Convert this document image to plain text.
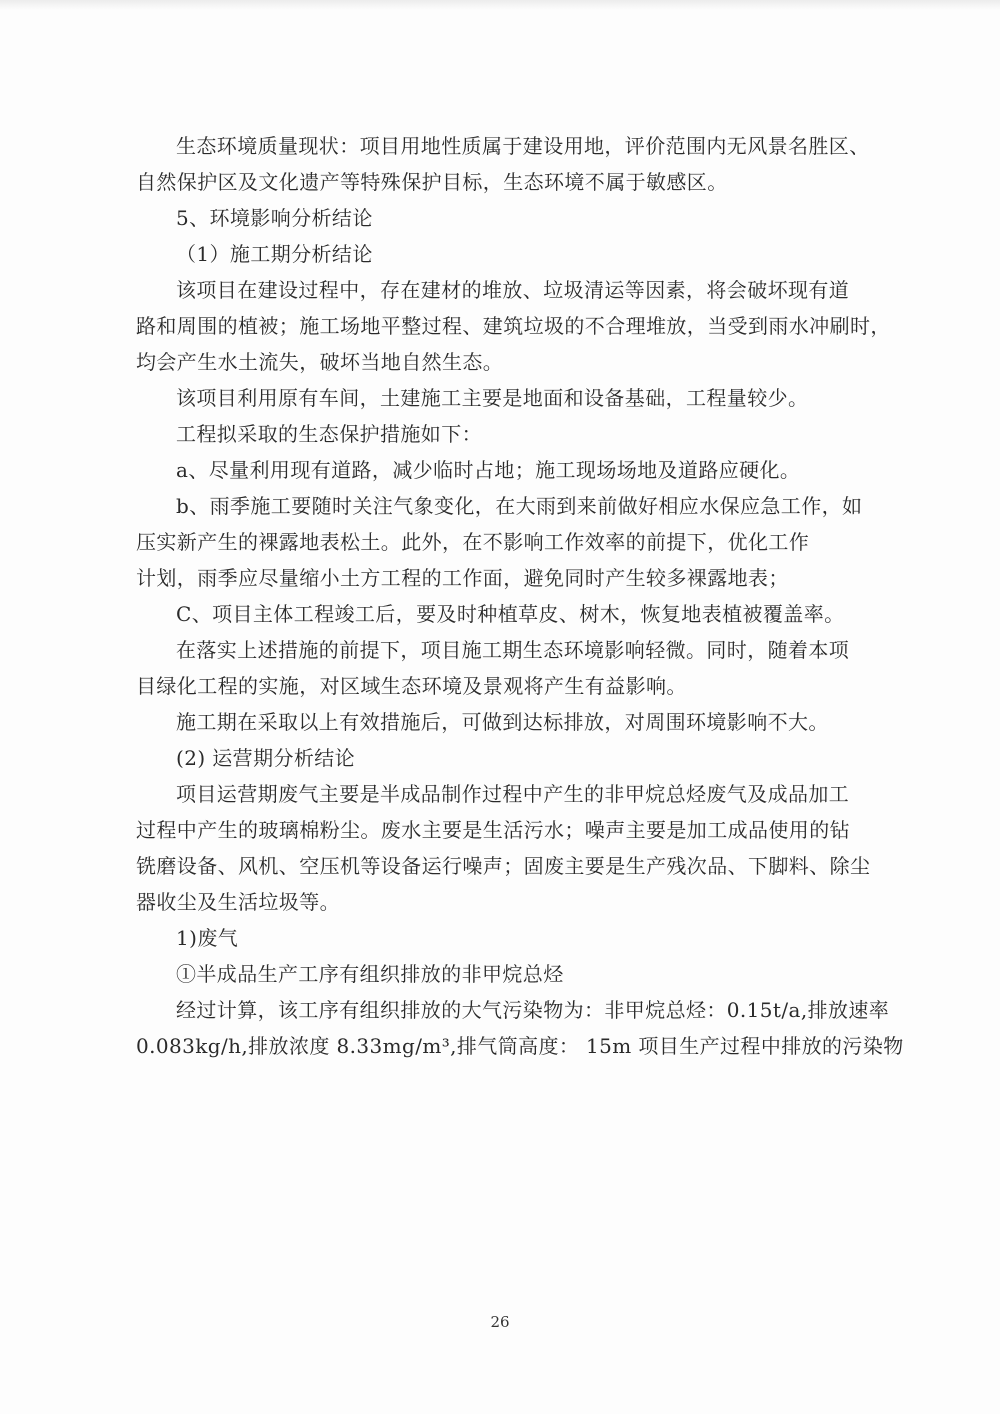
生态环境质量现状：项目用地性质属于建设用地，评价范围内无风景名胜区、

自然保护区及文化遗产等特殊保护目标，生态环境不属于敏感区。

5、环境影响分析结论

（1）施工期分析结论

该项目在建设过程中，存在建材的堆放、垃圾清运等因素，将会破坏现有道

路和周围的植被；施工场地平整过程、建筑垃圾的不合理堆放，当受到雨水冲刷时，

均会产生水土流失，破坏当地自然生态。

该项目利用原有车间，土建施工主要是地面和设备基础，工程量较少。

工程拟采取的生态保护措施如下：

a、尽量利用现有道路，减少临时占地；施工现场场地及道路应硬化。

b、雨季施工要随时关注气象变化，在大雨到来前做好相应水保应急工作，如

压实新产生的裸露地表松土。此外，在不影响工作效率的前提下，优化工作

计划，雨季应尽量缩小土方工程的工作面，避免同时产生较多裸露地表；

C、项目主体工程竣工后，要及时种植草皮、树木，恢复地表植被覆盖率。

在落实上述措施的前提下，项目施工期生态环境影响轻微。同时，随着本项

目绿化工程的实施，对区域生态环境及景观将产生有益影响。

施工期在采取以上有效措施后，可做到达标排放，对周围环境影响不大。

(2) 运营期分析结论

项目运营期废气主要是半成品制作过程中产生的非甲烷总烃废气及成品加工

过程中产生的玻璃棉粉尘。废水主要是生活污水；噪声主要是加工成品使用的钻

铣磨设备、风机、空压机等设备运行噪声；固废主要是生产残次品、下脚料、除尘

器收尘及生活垃圾等。

1)废气

①半成品生产工序有组织排放的非甲烷总烃

经过计算，该工序有组织排放的大气污染物为：非甲烷总烃：0.15t/a,排放速率

0.083kg/h,排放浓度 8.33mg/m³,排气筒高度： 15m 项目生产过程中排放的污染物

26
